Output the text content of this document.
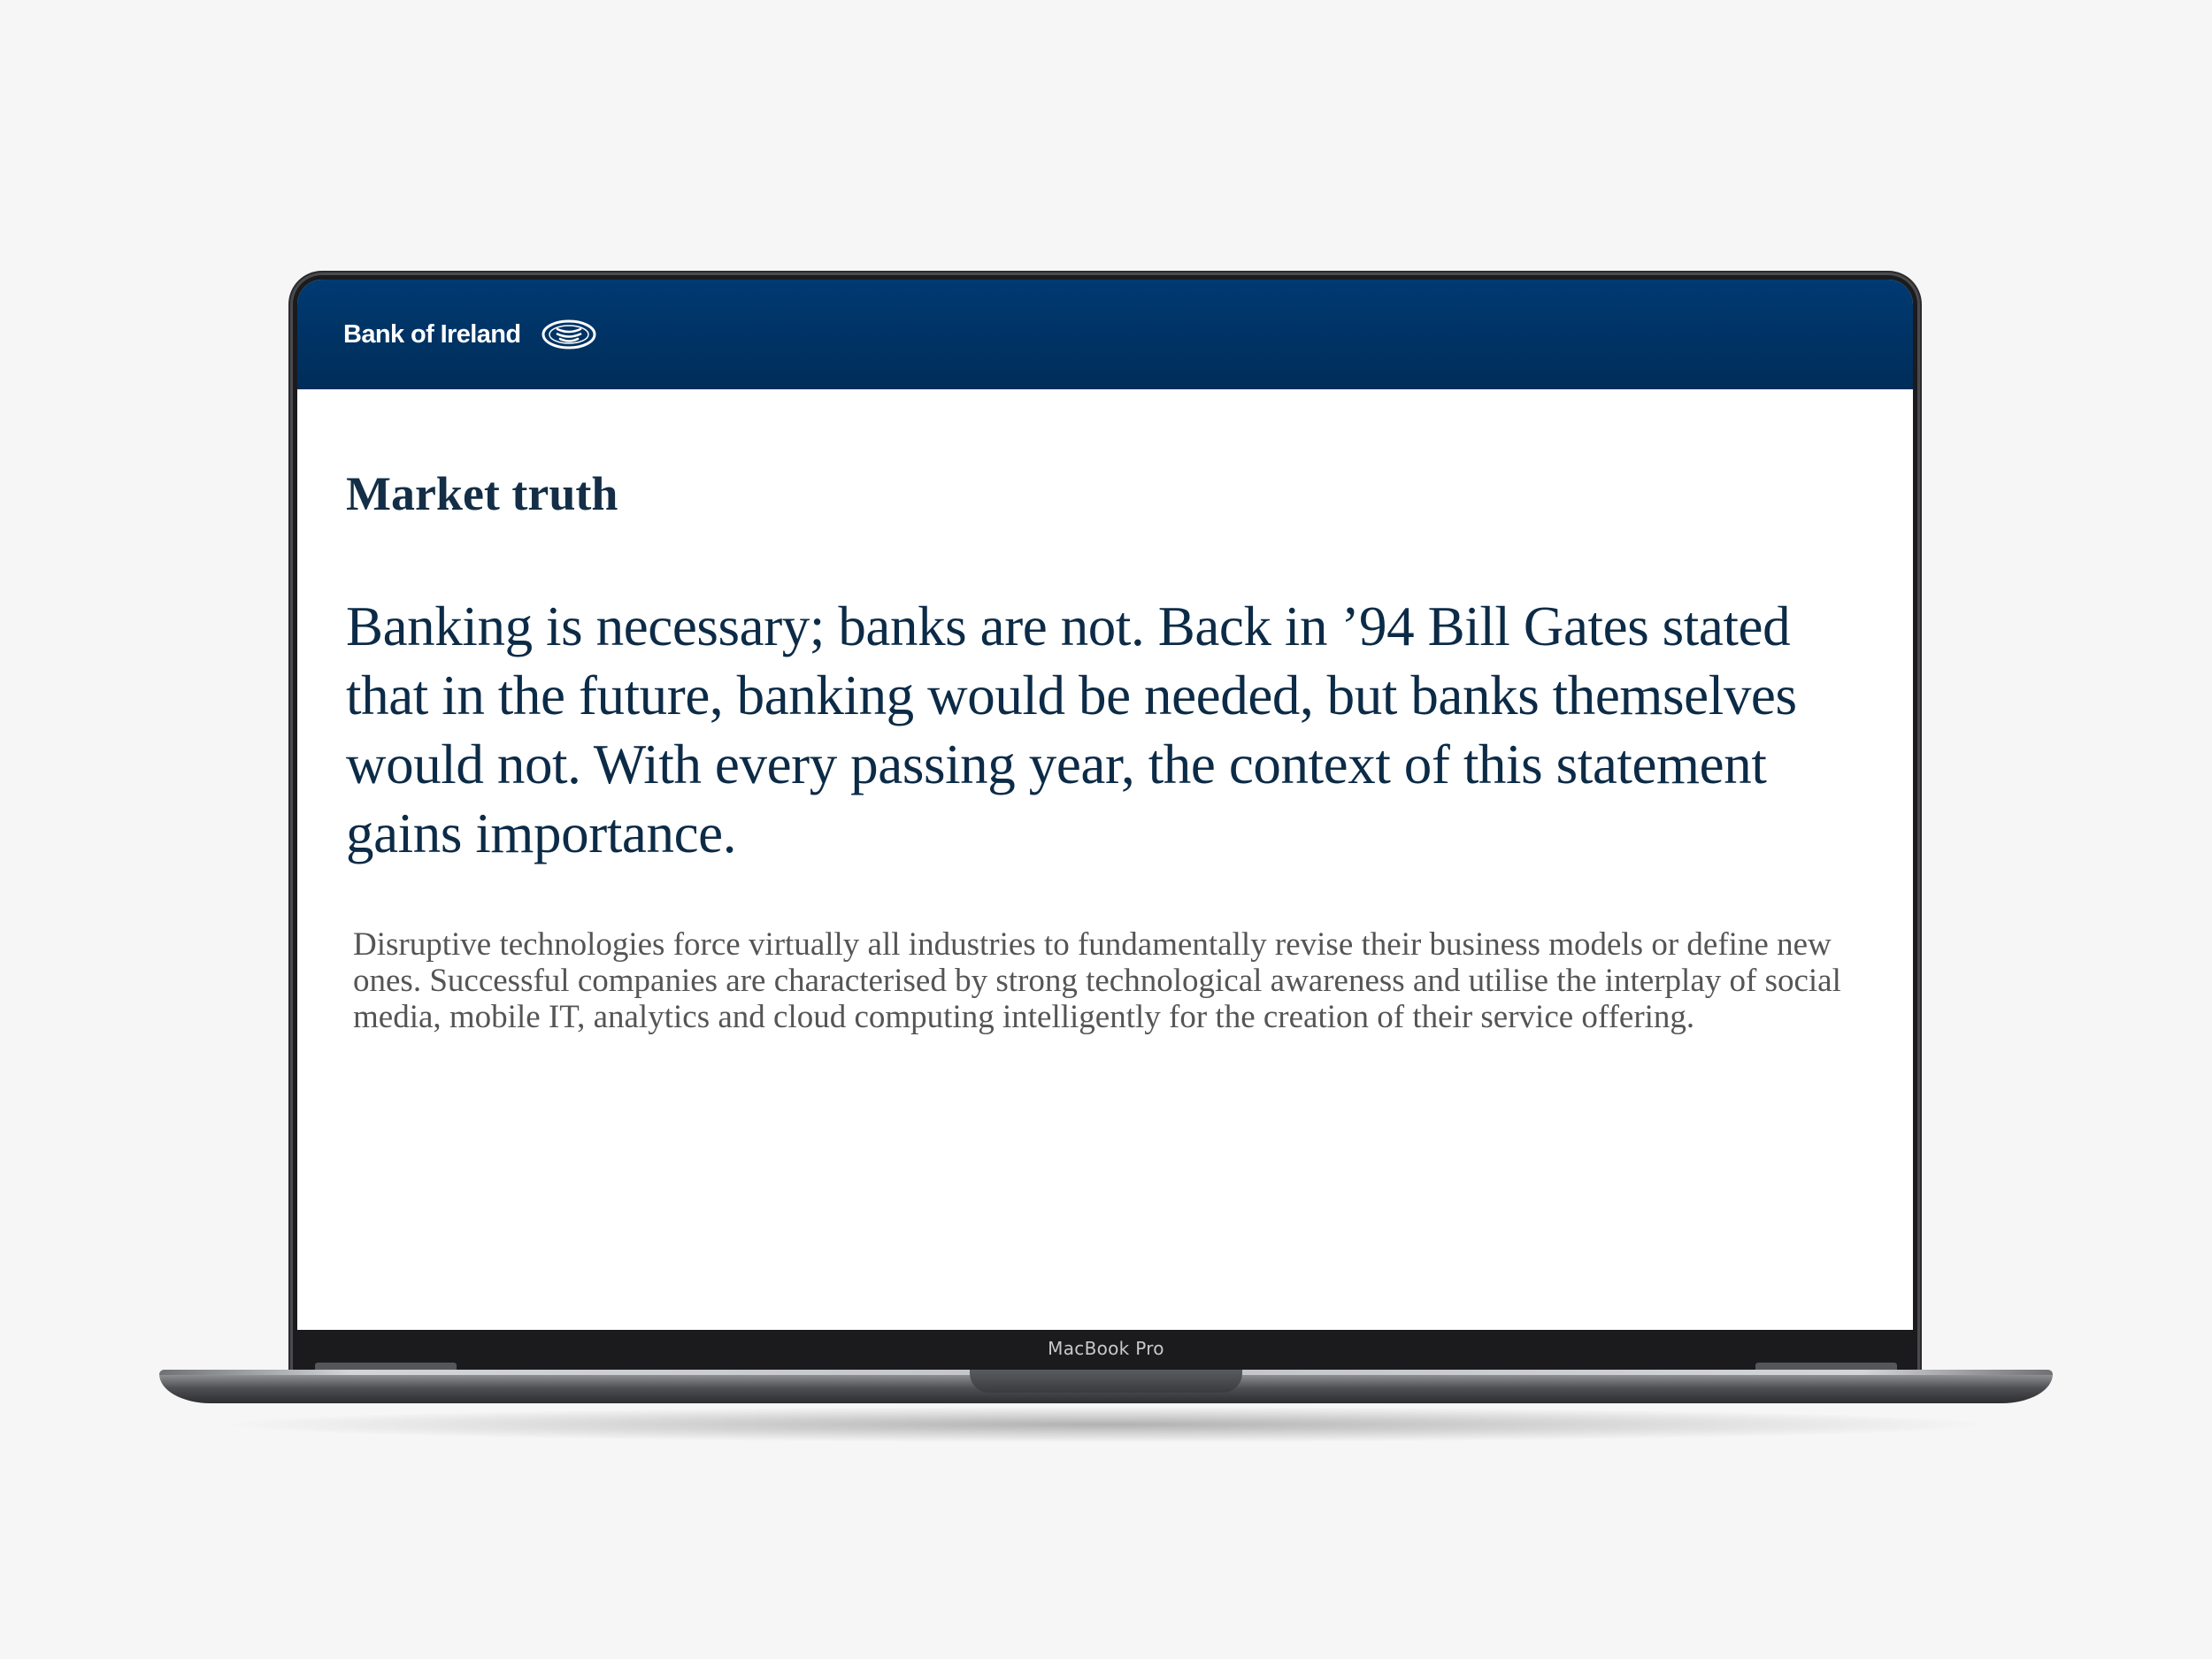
Bank of Ireland
Market truth

Banking is necessary; banks are not. Back in ’94 Bill Gates stated that in the future, banking would be needed, but banks themselves would not. With every passing year, the context of this statement gains importance.

Disruptive technologies force virtually all industries to fundamentally revise their business models or define new ones. Successful companies are characterised by strong technological awareness and utilise the interplay of social media, mobile IT, analytics and cloud computing intelligently for the creation of their service offering.

MacBook Pro
